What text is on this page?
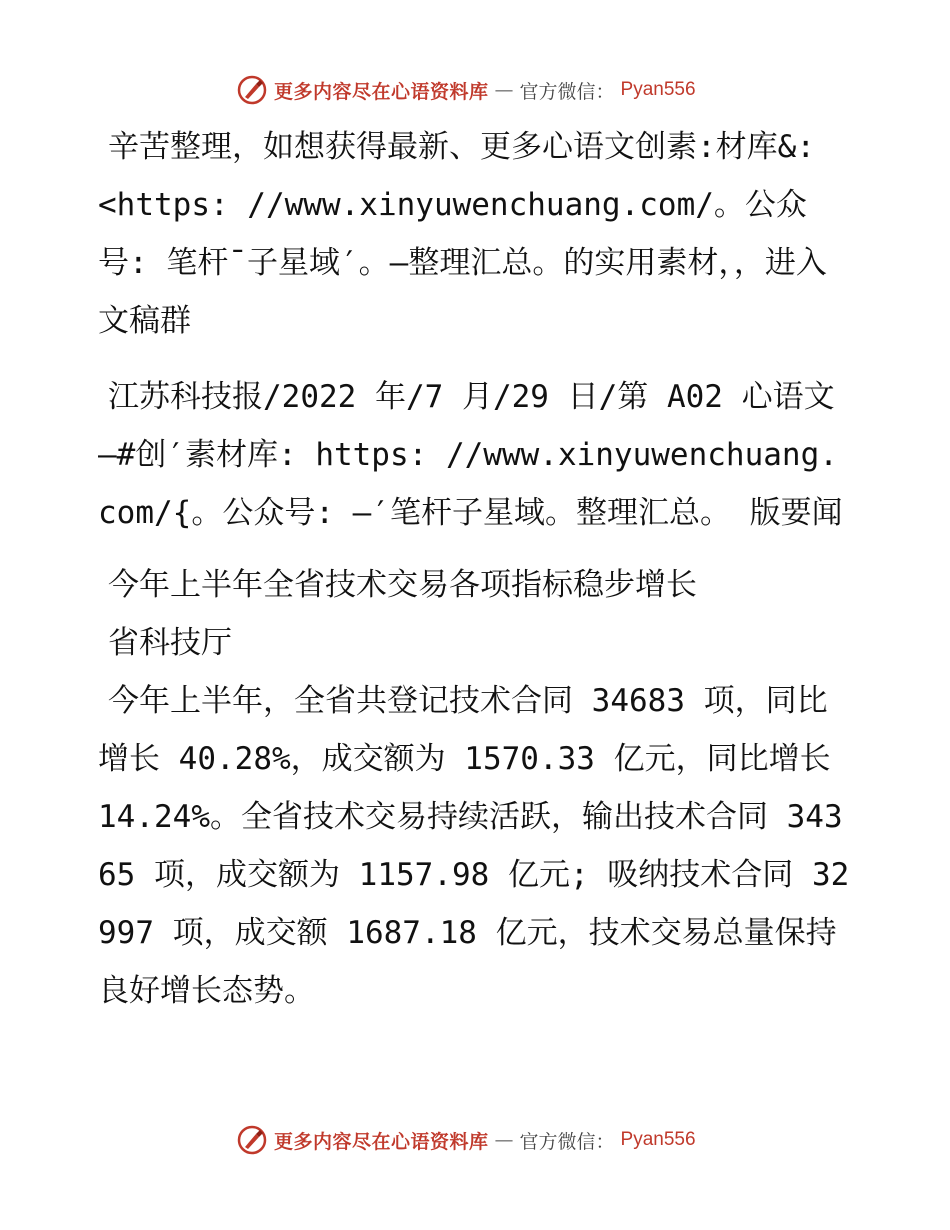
更多内容尽在心语资料库 — 官方微信： Pyan556

辛苦整理，如想获得最新、更多心语文创素:材库&: <https: //www.xinyuwenchuang.com/。公众号: 笔杆¯子星域′。—整理汇总。的实用素材，，进入文稿群

江苏科技报/2022 年/7 月/29 日/第 A02 心语文—#创′素材库: https: //www.xinyuwenchuang.com/{。公众号: —′笔杆子星域。整理汇总。 版要闻

今年上半年全省技术交易各项指标稳步增长

省科技厅

今年上半年，全省共登记技术合同 34683 项，同比增长 40.28%，成交额为 1570.33 亿元，同比增长 14.24%。全省技术交易持续活跃，输出技术合同 34365 项，成交额为 1157.98 亿元; 吸纳技术合同 32997 项，成交额 1687.18 亿元，技术交易总量保持良好增长态势。

更多内容尽在心语资料库 — 官方微信： Pyan556
